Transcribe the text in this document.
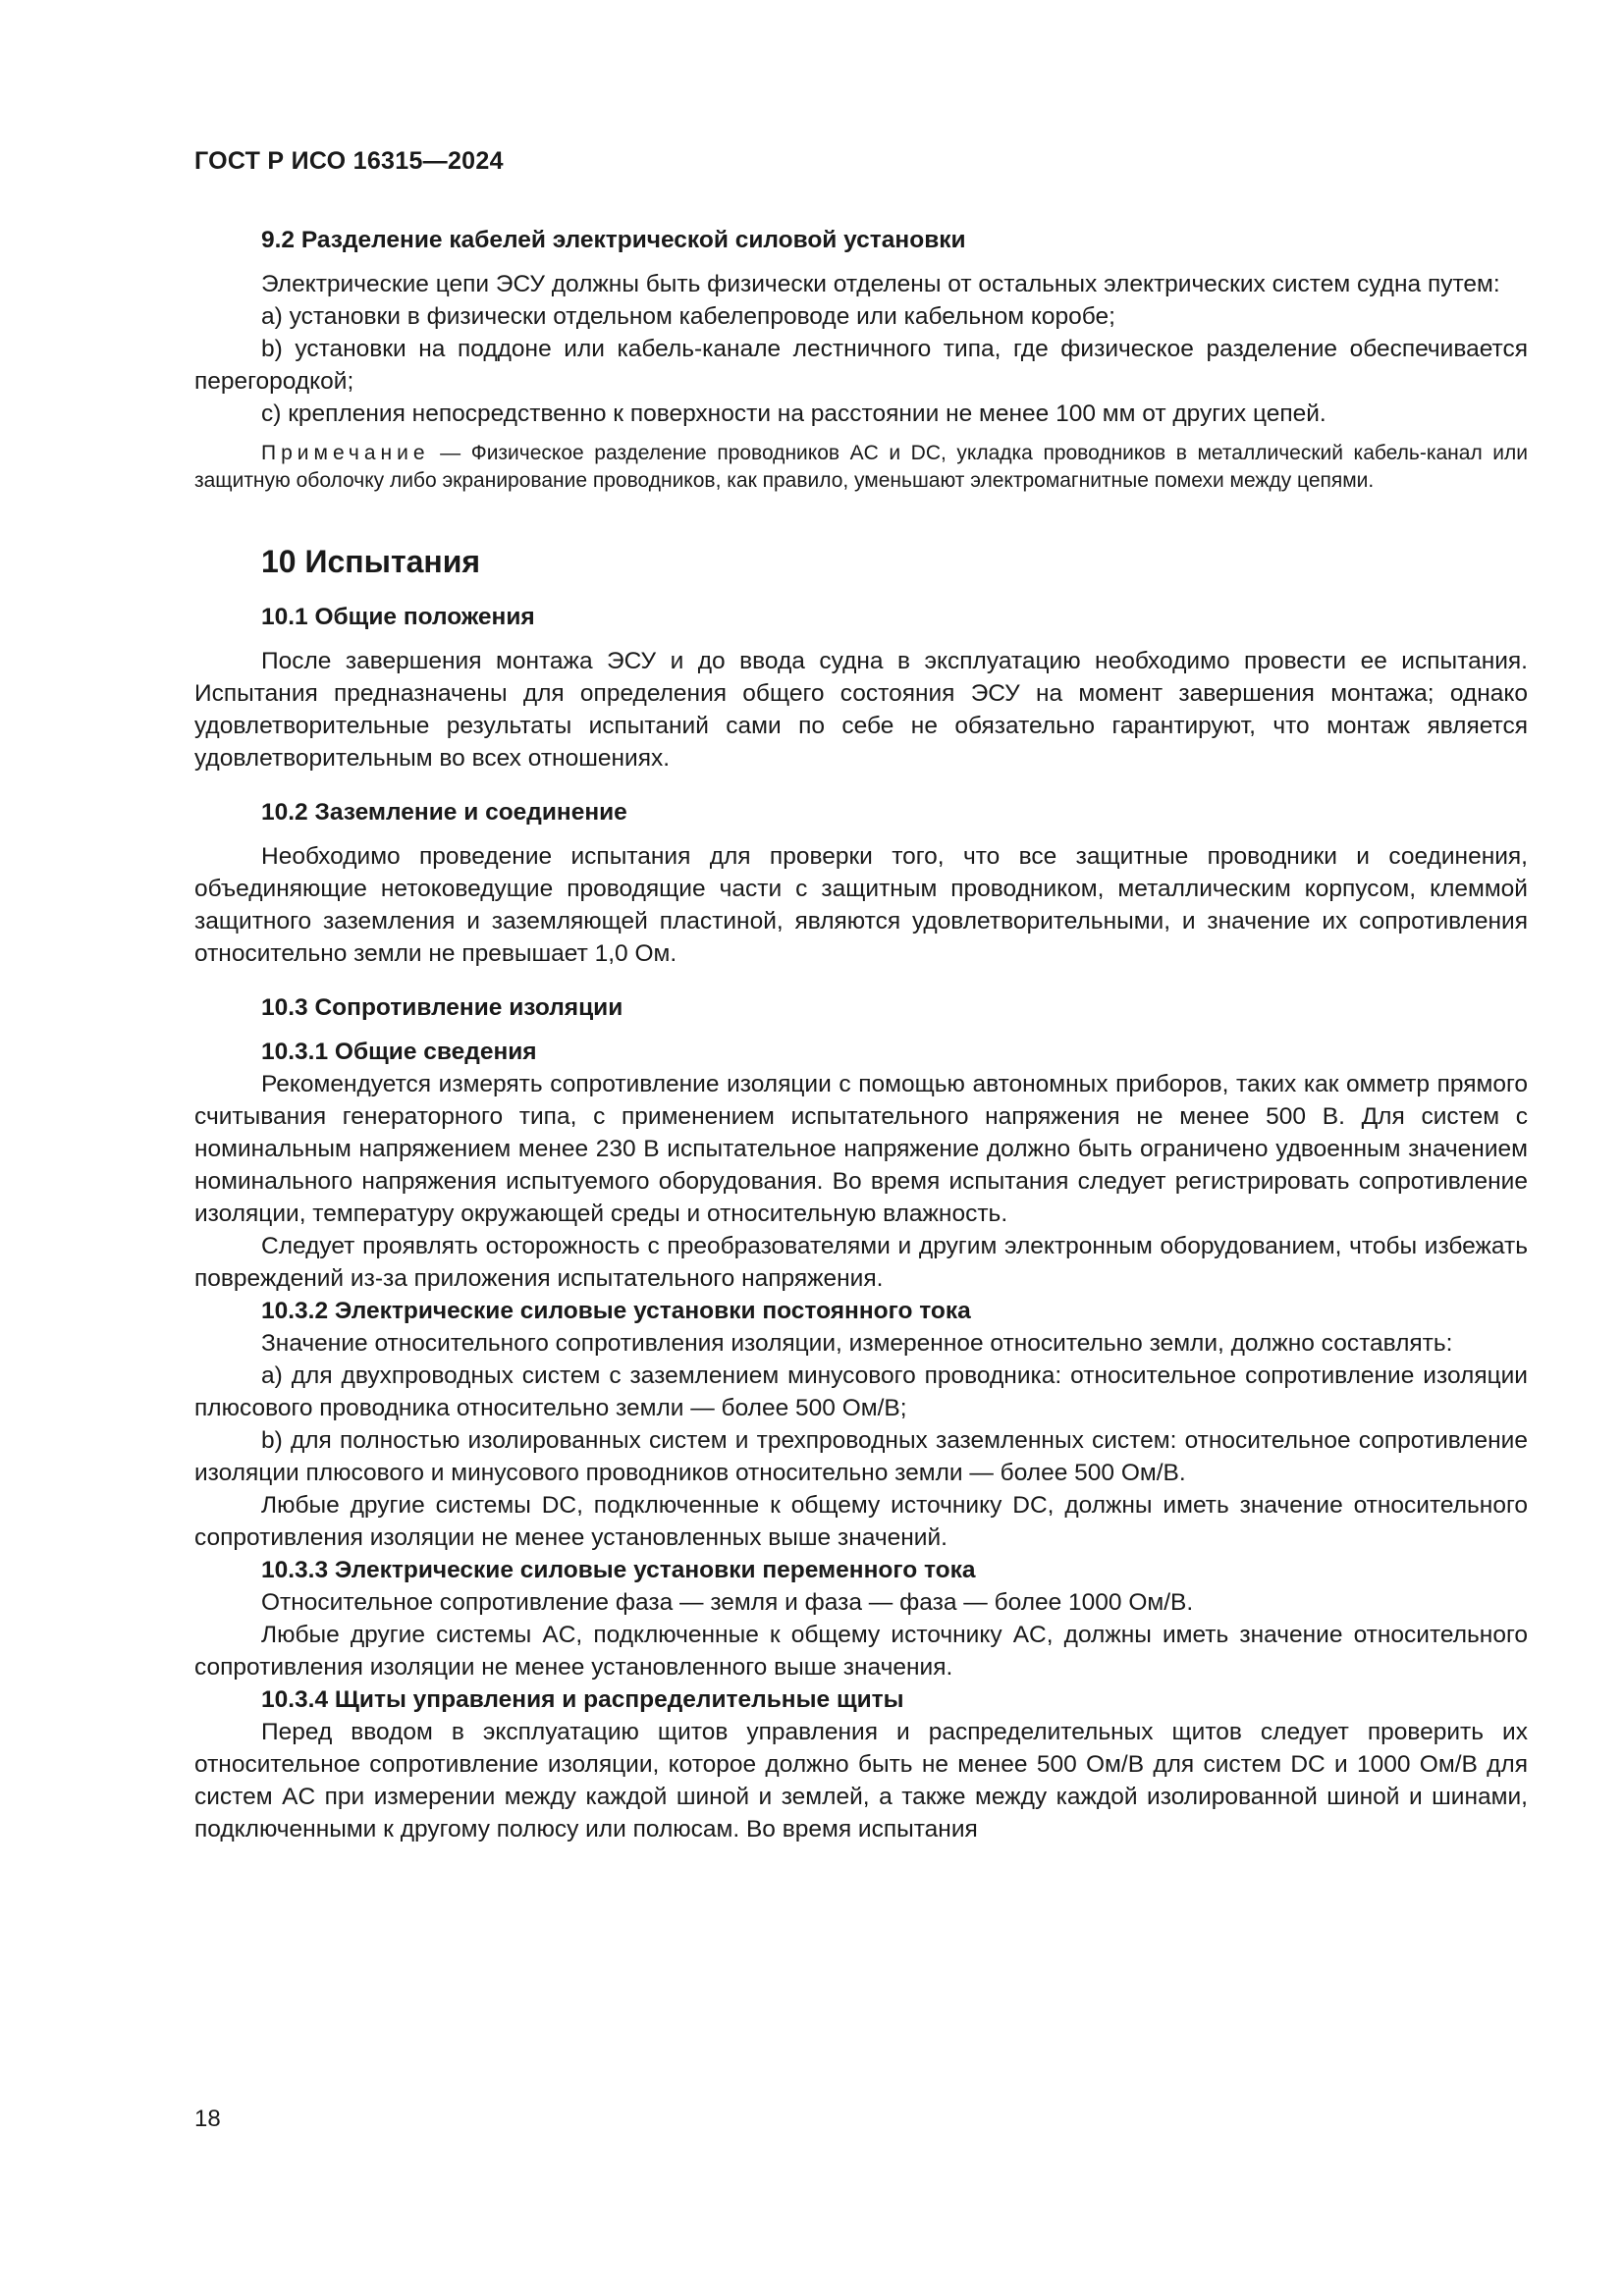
ГОСТ Р ИСО 16315—2024
9.2 Разделение кабелей электрической силовой установки

Электрические цепи ЭСУ должны быть физически отделены от остальных электрических систем судна путем:

a) установки в физически отдельном кабелепроводе или кабельном коробе;

b) установки на поддоне или кабель-канале лестничного типа, где физическое разделение обеспечивается перегородкой;

c) крепления непосредственно к поверхности на расстоянии не менее 100 мм от других цепей.

Примечание — Физическое разделение проводников AC и DC, укладка проводников в металлический кабель-канал или защитную оболочку либо экранирование проводников, как правило, уменьшают электромагнитные помехи между цепями.

10 Испытания
10.1 Общие положения

После завершения монтажа ЭСУ и до ввода судна в эксплуатацию необходимо провести ее испытания. Испытания предназначены для определения общего состояния ЭСУ на момент завершения монтажа; однако удовлетворительные результаты испытаний сами по себе не обязательно гарантируют, что монтаж является удовлетворительным во всех отношениях.

10.2 Заземление и соединение

Необходимо проведение испытания для проверки того, что все защитные проводники и соединения, объединяющие нетоковедущие проводящие части с защитным проводником, металлическим корпусом, клеммой защитного заземления и заземляющей пластиной, являются удовлетворительными, и значение их сопротивления относительно земли не превышает 1,0 Ом.

10.3 Сопротивление изоляции
10.3.1 Общие сведения

Рекомендуется измерять сопротивление изоляции с помощью автономных приборов, таких как омметр прямого считывания генераторного типа, с применением испытательного напряжения не менее 500 В. Для систем с номинальным напряжением менее 230 В испытательное напряжение должно быть ограничено удвоенным значением номинального напряжения испытуемого оборудования. Во время испытания следует регистрировать сопротивление изоляции, температуру окружающей среды и относительную влажность.

Следует проявлять осторожность с преобразователями и другим электронным оборудованием, чтобы избежать повреждений из-за приложения испытательного напряжения.

10.3.2 Электрические силовые установки постоянного тока

Значение относительного сопротивления изоляции, измеренное относительно земли, должно составлять:

a) для двухпроводных систем с заземлением минусового проводника: относительное сопротивление изоляции плюсового проводника относительно земли — более 500 Ом/В;

b) для полностью изолированных систем и трехпроводных заземленных систем: относительное сопротивление изоляции плюсового и минусового проводников относительно земли — более 500 Ом/В.

Любые другие системы DC, подключенные к общему источнику DC, должны иметь значение относительного сопротивления изоляции не менее установленных выше значений.

10.3.3 Электрические силовые установки переменного тока

Относительное сопротивление фаза — земля и фаза — фаза — более 1000 Ом/В.

Любые другие системы AC, подключенные к общему источнику AC, должны иметь значение относительного сопротивления изоляции не менее установленного выше значения.

10.3.4 Щиты управления и распределительные щиты

Перед вводом в эксплуатацию щитов управления и распределительных щитов следует проверить их относительное сопротивление изоляции, которое должно быть не менее 500 Ом/В для систем DC и 1000 Ом/В для систем AC при измерении между каждой шиной и землей, а также между каждой изолированной шиной и шинами, подключенными к другому полюсу или полюсам. Во время испытания

18
